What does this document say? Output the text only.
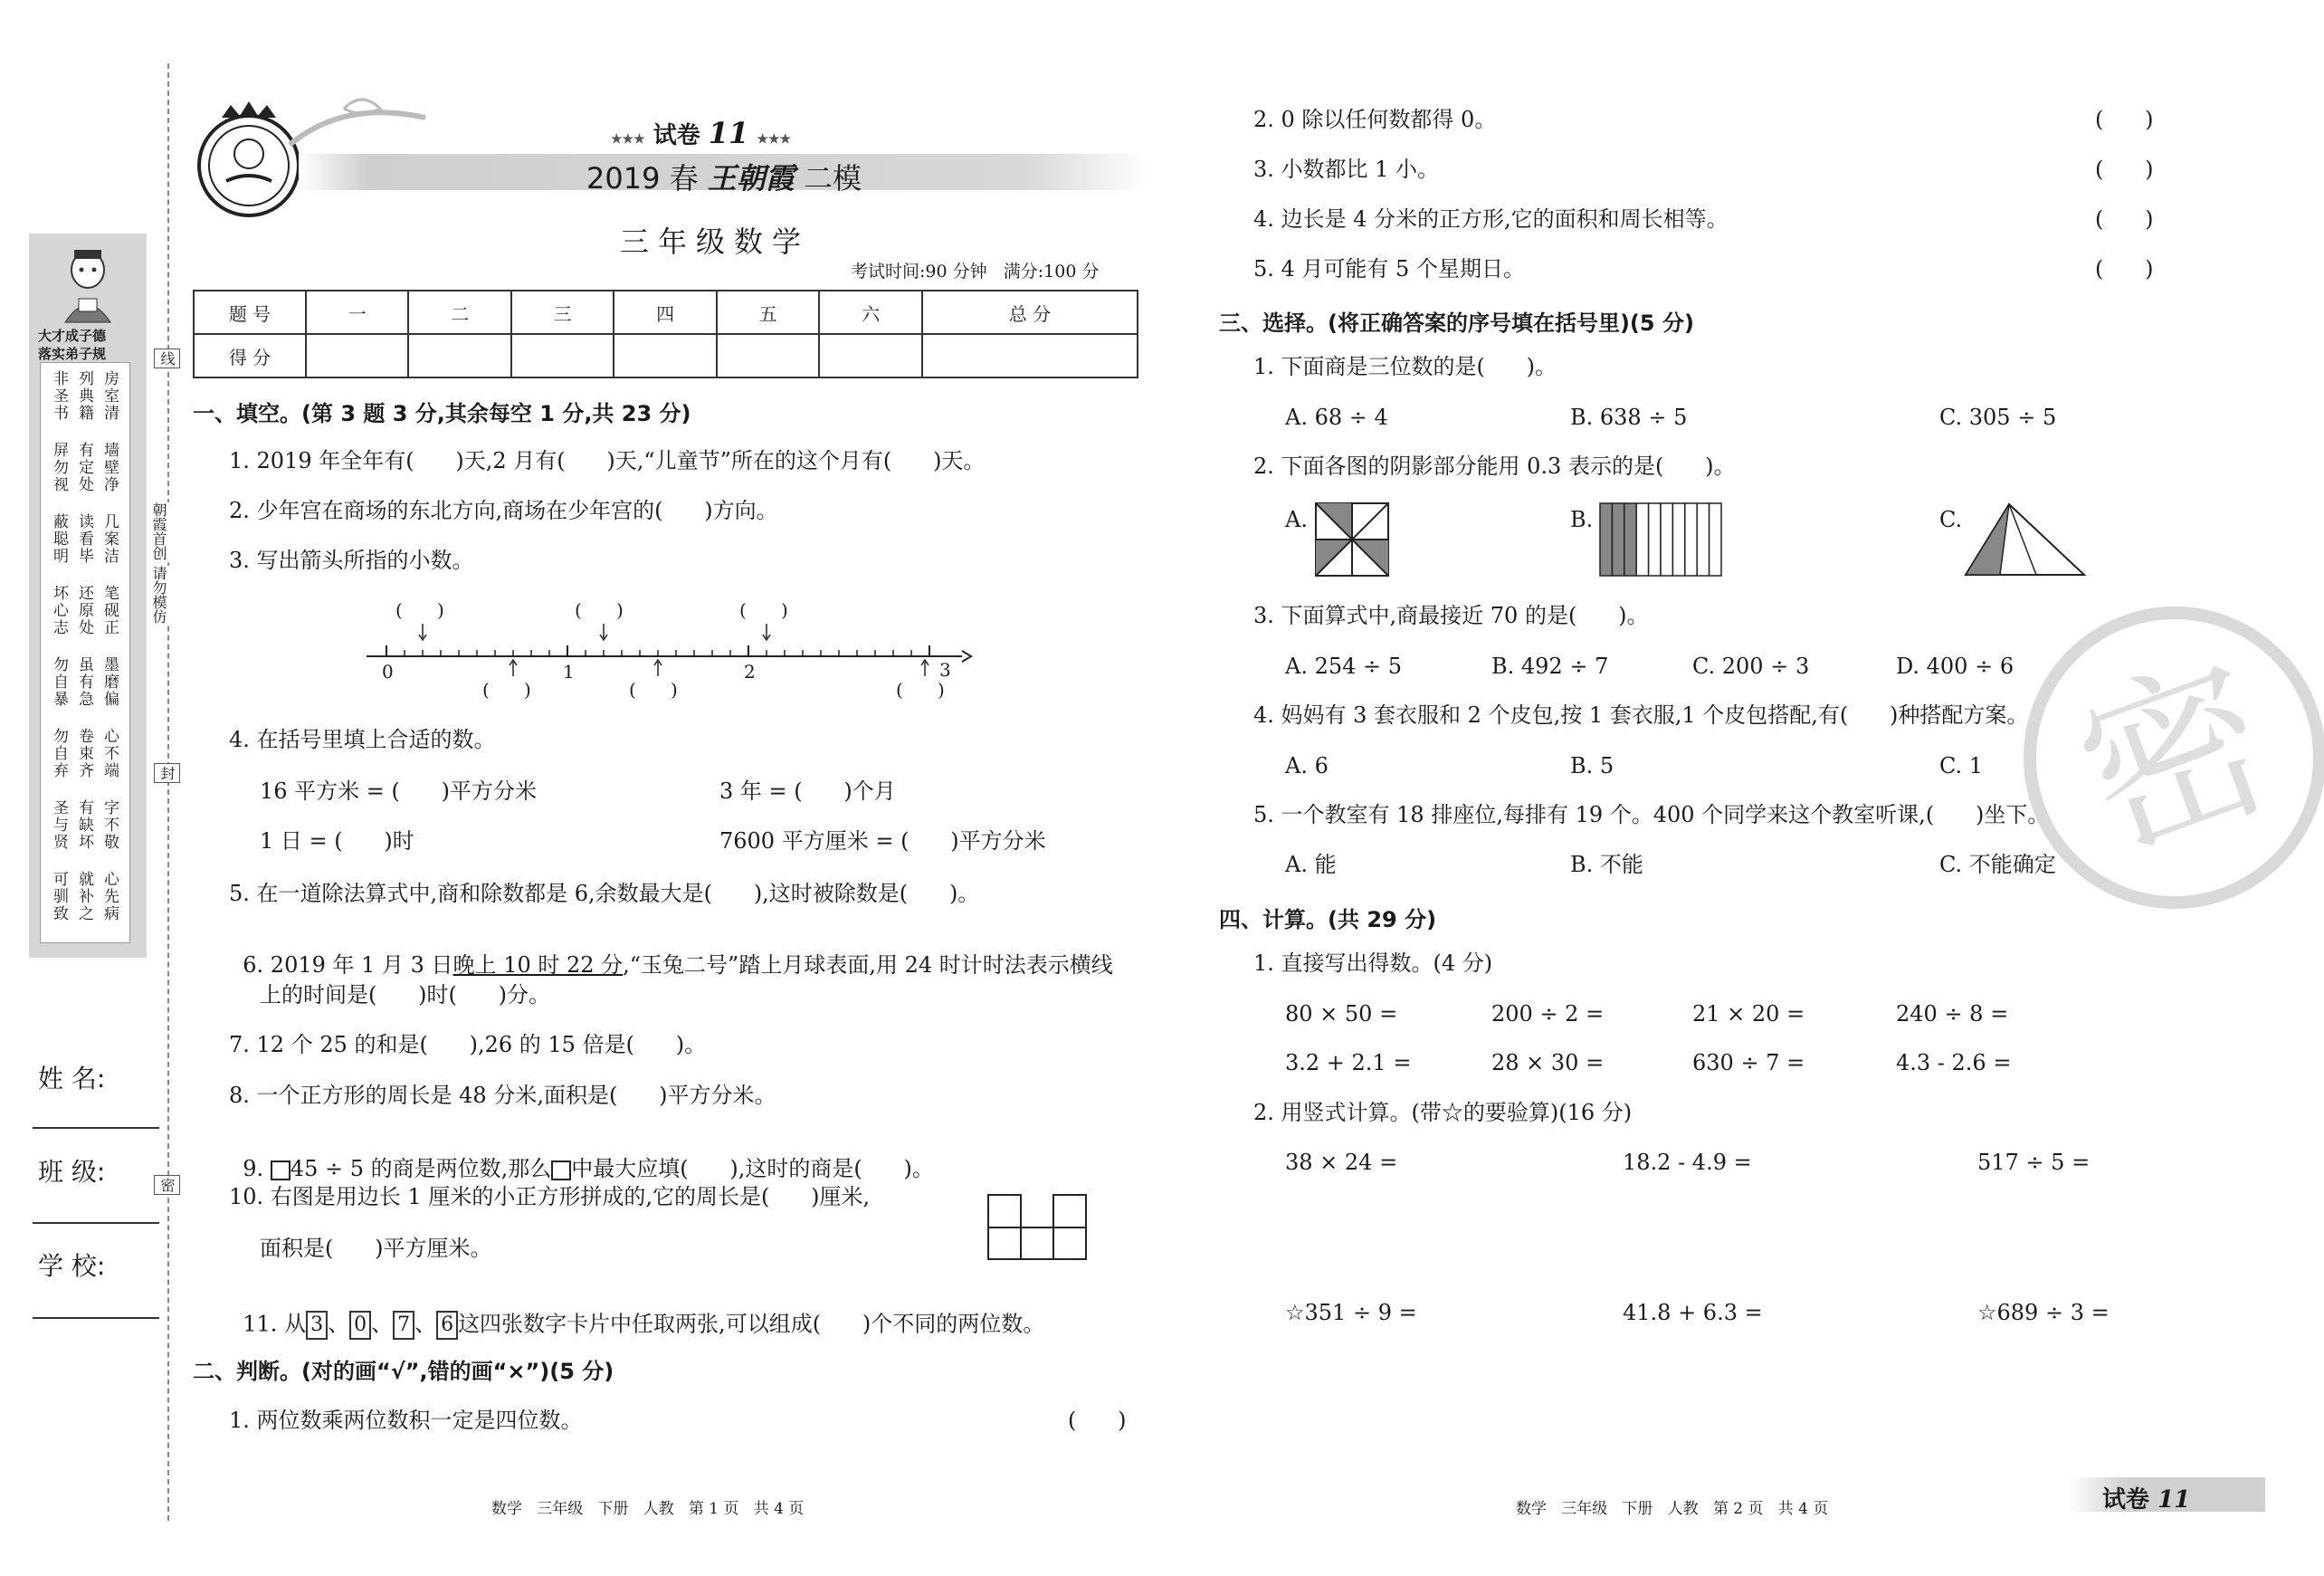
大才成子德
落实弟子规
非圣书
屏勿视
蔽聪明
坏心志
勿自暴
勿自弃
圣与贤
可驯致
列典籍
有定处
读看毕
还原处
虽有急
卷束齐
有缺坏
就补之
房室清
墙壁净
几案洁
笔砚正
墨磨偏
心不端
字不敬
心先病
线
朝霞首创
请勿模仿
封
密
姓 名:
班 级:
学 校:
★★★ 试卷 11 ★★★
2019 春 王朝霞 二模
三年级数学
考试时间:90 分钟   满分:100 分
题 号	一	二	三	四	五	六	总 分
得 分							
一、填空。(第 3 题 3 分,其余每空 1 分,共 23 分)
1. 2019 年全年有(      )天,2 月有(      )天,“儿童节”所在的这个月有(      )天。
2. 少年宫在商场的东北方向,商场在少年宫的(      )方向。
3. 写出箭头所指的小数。
0	1	2	3
(      )	(      )	(      )
(      )	(      )	(      )
4. 在括号里填上合适的数。
16 平方米 = (      )平方分米	3 年 = (      )个月
1 日 = (      )时	7600 平方厘米 = (      )平方分米
5. 在一道除法算式中,商和除数都是 6,余数最大是(      ),这时被除数是(      )。

6. 2019 年 1 月 3 日晚上 10 时 22 分,“玉兔二号”踏上月球表面,用 24 时计时法表示横线

上的时间是(      )时(      )分。
7. 12 个 25 的和是(      ),26 的 15 倍是(      )。
8. 一个正方形的周长是 48 分米,面积是(      )平方分米。

9. 45 ÷ 5 的商是两位数,那么 中最大应填(      ),这时的商是(      )。

10. 右图是用边长 1 厘米的小正方形拼成的,它的周长是(      )厘米,
面积是(      )平方厘米。

11. 从 3 、 0 、 7 、 6 这四张数字卡片中任取两张,可以组成(      )个不同的两位数。

二、判断。(对的画“√”,错的画“×”)(5 分)
1. 两位数乘两位数积一定是四位数。	(      )
2. 0 除以任何数都得 0。	(      )
3. 小数都比 1 小。	(      )
4. 边长是 4 分米的正方形,它的面积和周长相等。	(      )
5. 4 月可能有 5 个星期日。	(      )
密
三、选择。(将正确答案的序号填在括号里)(5 分)
1. 下面商是三位数的是(      )。
A. 68 ÷ 4	B. 638 ÷ 5	C. 305 ÷ 5
2. 下面各图的阴影部分能用 0.3 表示的是(      )。
A.	B.	C.
3. 下面算式中,商最接近 70 的是(      )。
A. 254 ÷ 5	B. 492 ÷ 7	C. 200 ÷ 3	D. 400 ÷ 6
4. 妈妈有 3 套衣服和 2 个皮包,按 1 套衣服,1 个皮包搭配,有(      )种搭配方案。
A. 6	B. 5	C. 1
5. 一个教室有 18 排座位,每排有 19 个。400 个同学来这个教室听课,(      )坐下。
A. 能	B. 不能	C. 不能确定
四、计算。(共 29 分)
1. 直接写出得数。(4 分)
80 × 50 =	200 ÷ 2 =	21 × 20 =	240 ÷ 8 =
3.2 + 2.1 =	28 × 30 =	630 ÷ 7 =	4.3 - 2.6 =
2. 用竖式计算。(带☆的要验算)(16 分)
38 × 24 =	18.2 - 4.9 =	517 ÷ 5 =
☆351 ÷ 9 =	41.8 + 6.3 =	☆689 ÷ 3 =
数学   三年级   下册   人教   第 1 页   共 4 页	数学   三年级   下册   人教   第 2 页   共 4 页	试卷 11
